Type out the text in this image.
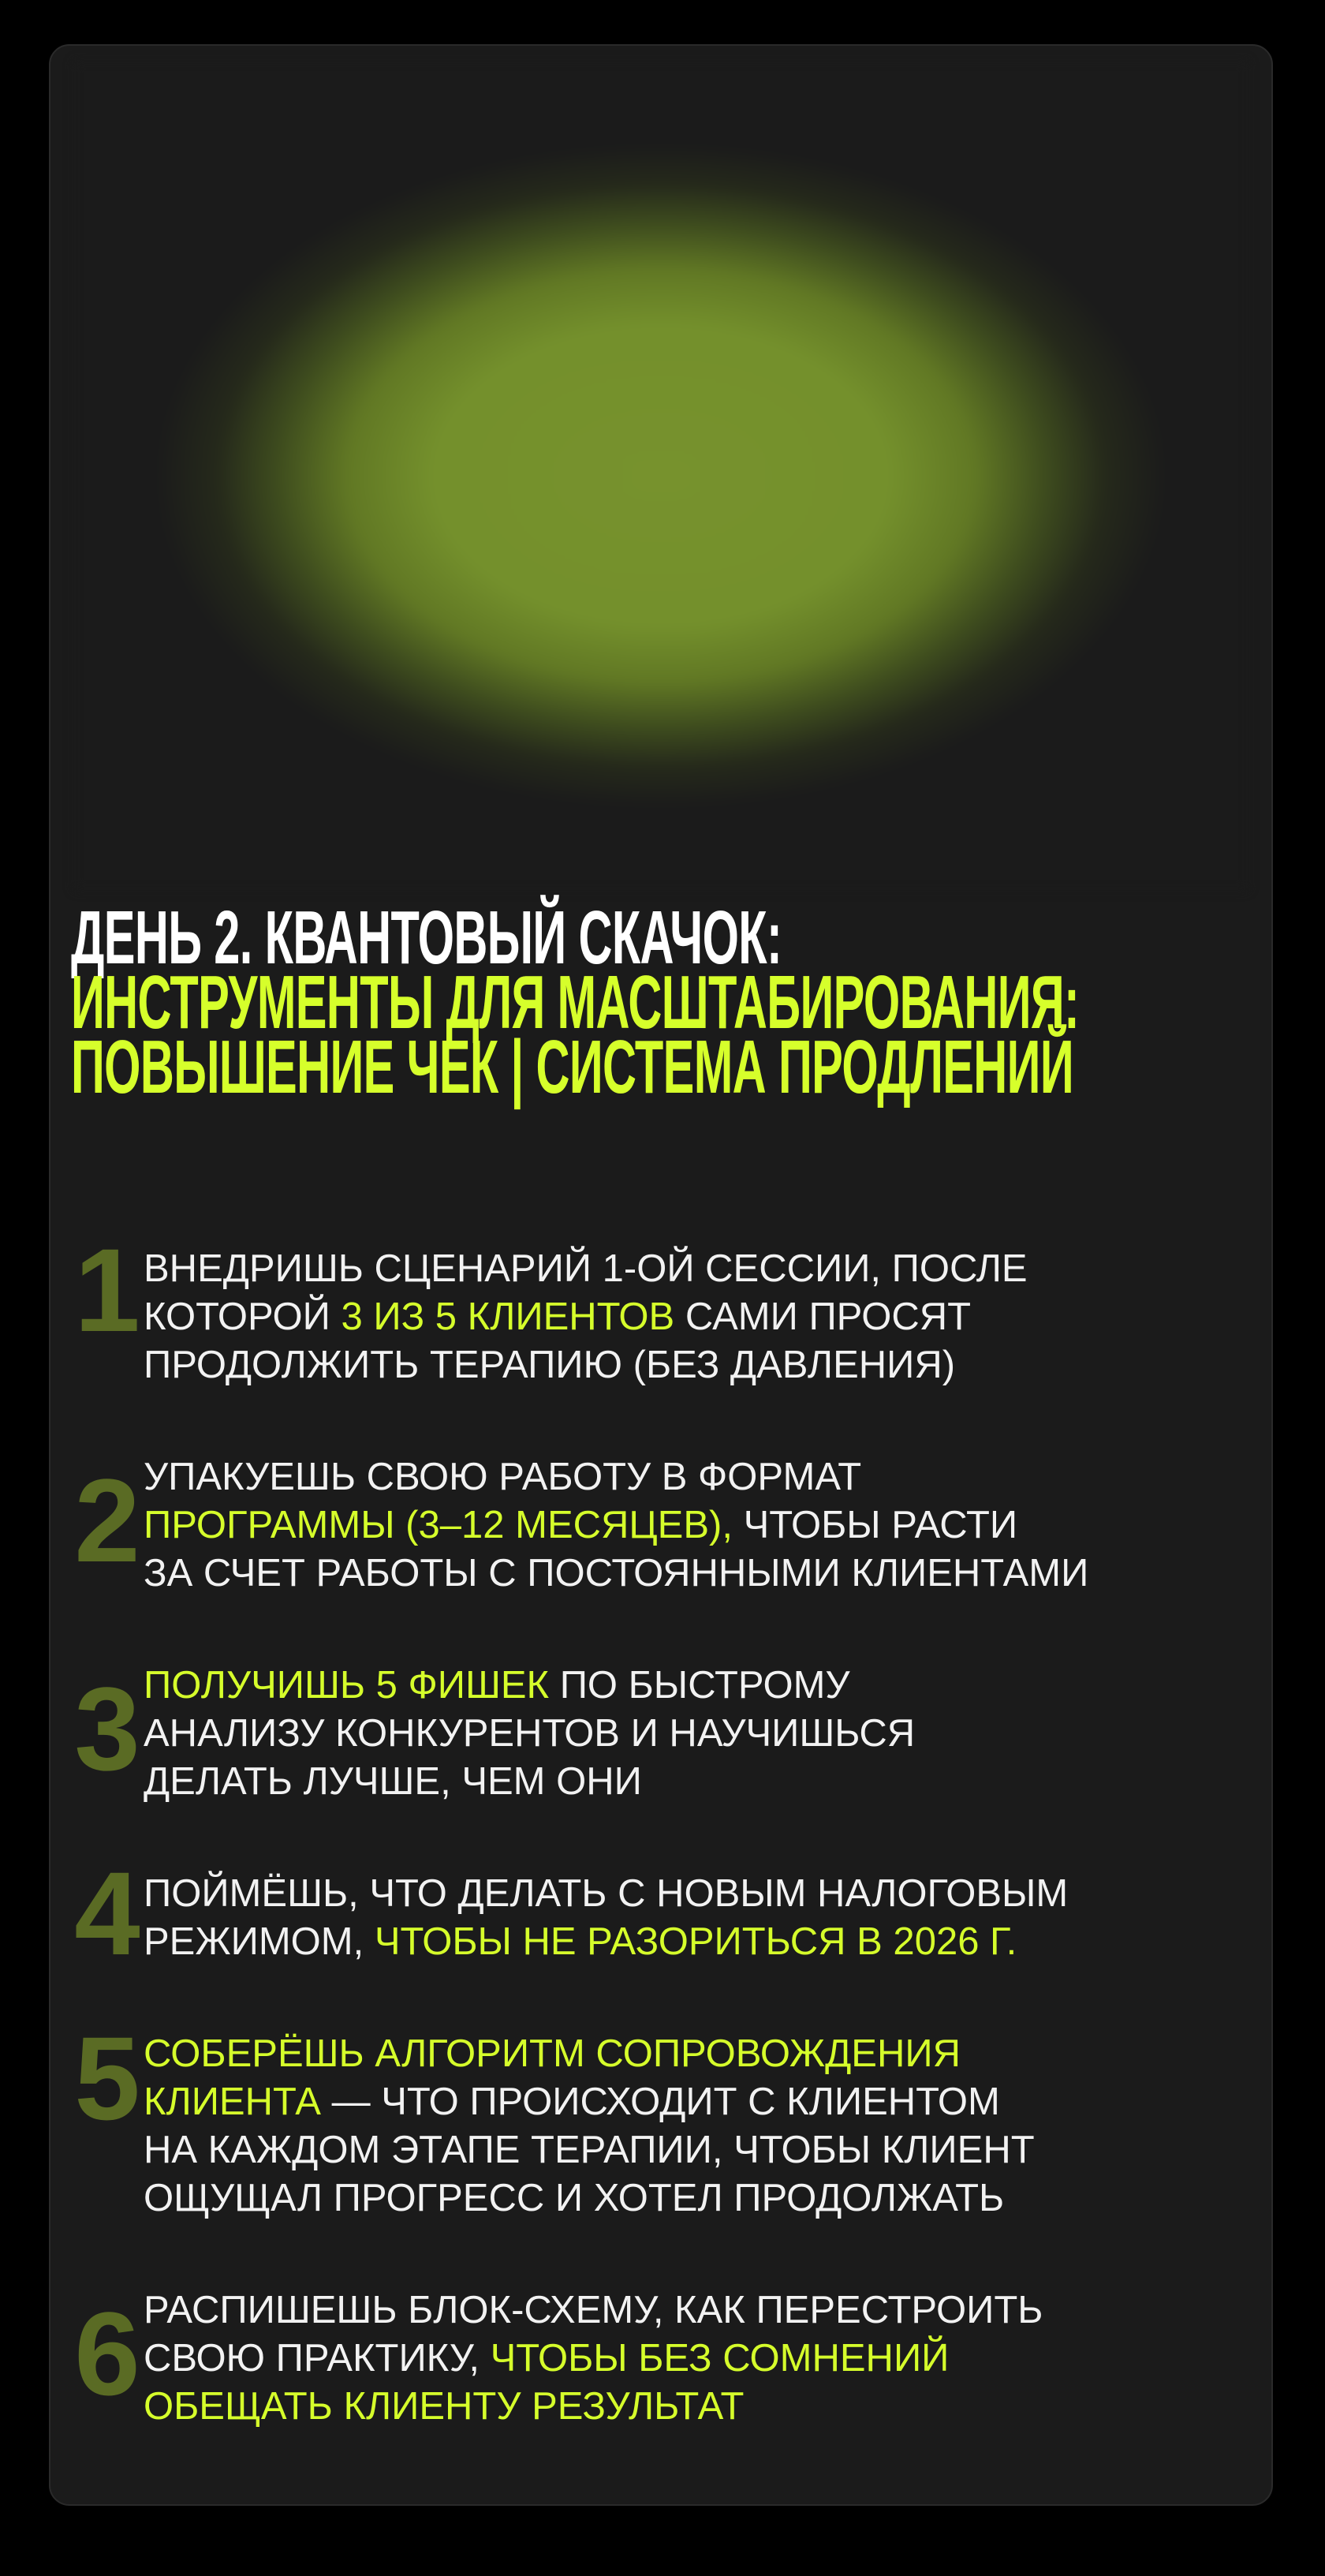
ДЕНЬ 2. КВАНТОВЫЙ СКАЧОК:
ИНСТРУМЕНТЫ ДЛЯ МАСШТАБИРОВАНИЯ:
ПОВЫШЕНИЕ ЧЕК | СИСТЕМА ПРОДЛЕНИЙ
1 ВНЕДРИШЬ СЦЕНАРИЙ 1-ОЙ СЕССИИ, ПОСЛЕ
КОТОРОЙ 3 ИЗ 5 КЛИЕНТОВ САМИ ПРОСЯТ
ПРОДОЛЖИТЬ ТЕРАПИЮ (БЕЗ ДАВЛЕНИЯ)
2 УПАКУЕШЬ СВОЮ РАБОТУ В ФОРМАТ
ПРОГРАММЫ (3–12 МЕСЯЦЕВ), ЧТОБЫ РАСТИ
ЗА СЧЕТ РАБОТЫ С ПОСТОЯННЫМИ КЛИЕНТАМИ
3 ПОЛУЧИШЬ 5 ФИШЕК ПО БЫСТРОМУ
АНАЛИЗУ КОНКУРЕНТОВ И НАУЧИШЬСЯ
ДЕЛАТЬ ЛУЧШЕ, ЧЕМ ОНИ
4 ПОЙМЁШЬ, ЧТО ДЕЛАТЬ С НОВЫМ НАЛОГОВЫМ
РЕЖИМОМ, ЧТОБЫ НЕ РАЗОРИТЬСЯ В 2026 Г.
5 СОБЕРЁШЬ АЛГОРИТМ СОПРОВОЖДЕНИЯ
КЛИЕНТА — ЧТО ПРОИСХОДИТ С КЛИЕНТОМ
НА КАЖДОМ ЭТАПЕ ТЕРАПИИ, ЧТОБЫ КЛИЕНТ
ОЩУЩАЛ ПРОГРЕСС И ХОТЕЛ ПРОДОЛЖАТЬ
6 РАСПИШЕШЬ БЛОК-СХЕМУ, КАК ПЕРЕСТРОИТЬ
СВОЮ ПРАКТИКУ, ЧТОБЫ БЕЗ СОМНЕНИЙ
ОБЕЩАТЬ КЛИЕНТУ РЕЗУЛЬТАТ
